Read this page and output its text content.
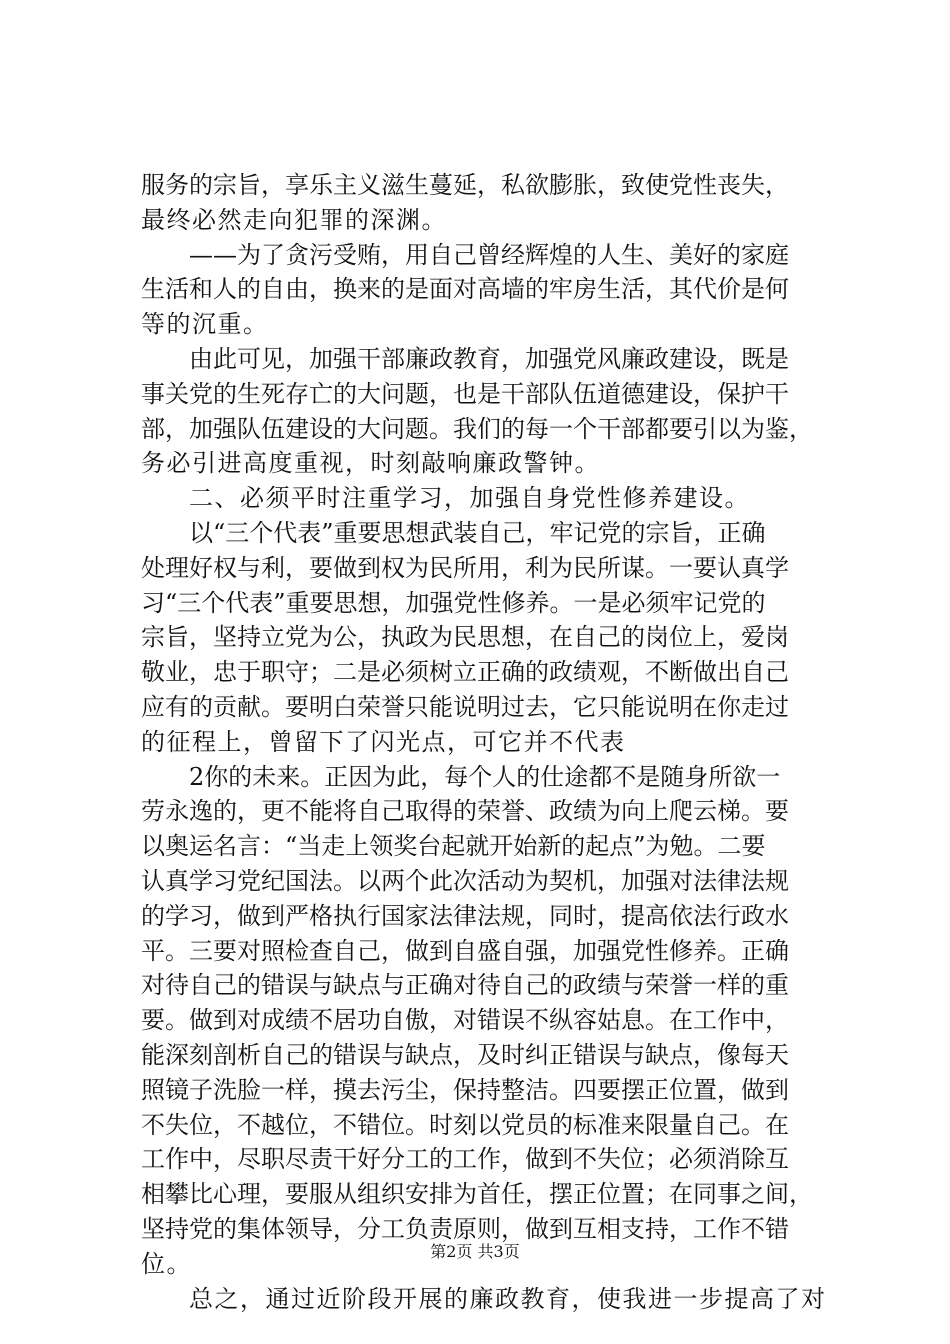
服务的宗旨，享乐主义滋生蔓延，私欲膨胀，致使党性丧失，
最终必然走向犯罪的深渊。
——为了贪污受贿，用自己曾经辉煌的人生、美好的家庭
生活和人的自由，换来的是面对高墙的牢房生活，其代价是何
等的沉重。
由此可见，加强干部廉政教育，加强党风廉政建设，既是
事关党的生死存亡的大问题，也是干部队伍道德建设，保护干
部，加强队伍建设的大问题。我们的每一个干部都要引以为鉴，
务必引进高度重视，时刻敲响廉政警钟。
二、必须平时注重学习，加强自身党性修养建设。
以“三个代表”重要思想武装自己，牢记党的宗旨，正确
处理好权与利，要做到权为民所用，利为民所谋。一要认真学
习“三个代表”重要思想，加强党性修养。一是必须牢记党的
宗旨，坚持立党为公，执政为民思想，在自己的岗位上，爱岗
敬业，忠于职守；二是必须树立正确的政绩观，不断做出自己
应有的贡献。要明白荣誉只能说明过去，它只能说明在你走过
的征程上，曾留下了闪光点，可它并不代表
2你的未来。正因为此，每个人的仕途都不是随身所欲一
劳永逸的，更不能将自己取得的荣誉、政绩为向上爬云梯。要
以奥运名言：“当走上领奖台起就开始新的起点”为勉。二要
认真学习党纪国法。以两个此次活动为契机，加强对法律法规
的学习，做到严格执行国家法律法规，同时，提高依法行政水
平。三要对照检查自己，做到自盛自强，加强党性修养。正确
对待自己的错误与缺点与正确对待自己的政绩与荣誉一样的重
要。做到对成绩不居功自傲，对错误不纵容姑息。在工作中，
能深刻剖析自己的错误与缺点，及时纠正错误与缺点，像每天
照镜子洗脸一样，摸去污尘，保持整洁。四要摆正位置，做到
不失位，不越位，不错位。时刻以党员的标准来限量自己。在
工作中，尽职尽责干好分工的工作，做到不失位；必须消除互
相攀比心理，要服从组织安排为首任，摆正位置；在同事之间，
坚持党的集体领导，分工负责原则，做到互相支持，工作不错
位。
总之，通过近阶段开展的廉政教育，使我进一步提高了对
第2页 共3页
